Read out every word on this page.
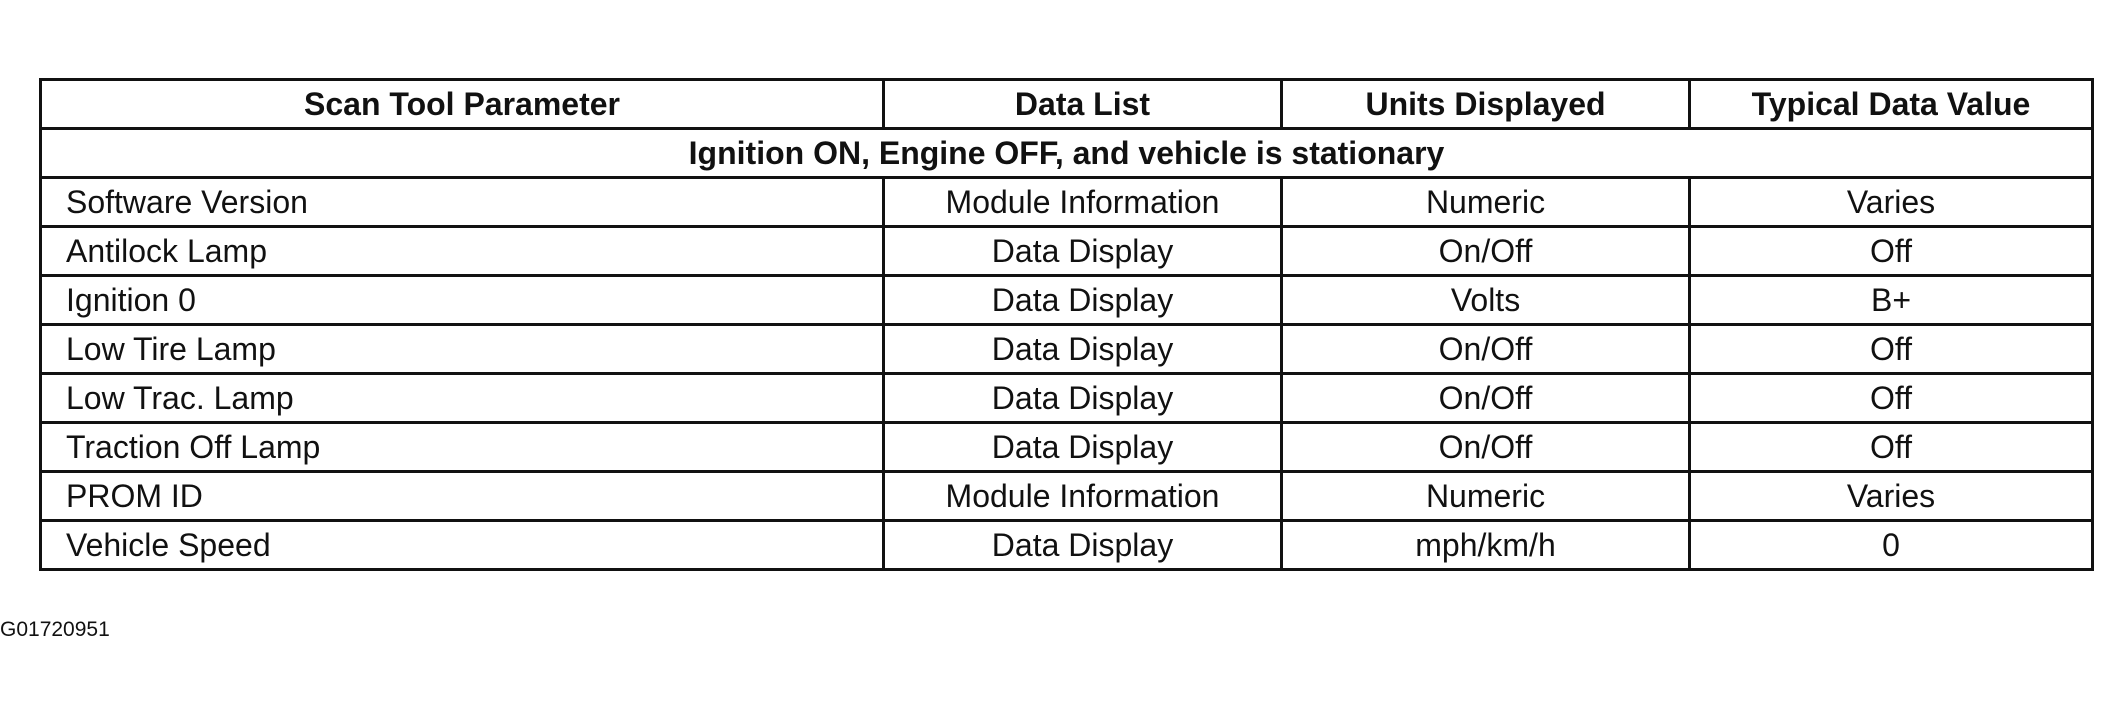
Scan Tool Parameter	Data List	Units Displayed	Typical Data Value
Ignition ON, Engine OFF, and vehicle is stationary			
Software Version	Module Information	Numeric	Varies
Antilock Lamp	Data Display	On/Off	Off
Ignition 0	Data Display	Volts	B+
Low Tire Lamp	Data Display	On/Off	Off
Low Trac. Lamp	Data Display	On/Off	Off
Traction Off Lamp	Data Display	On/Off	Off
PROM ID	Module Information	Numeric	Varies
Vehicle Speed	Data Display	mph/km/h	0
G01720951
